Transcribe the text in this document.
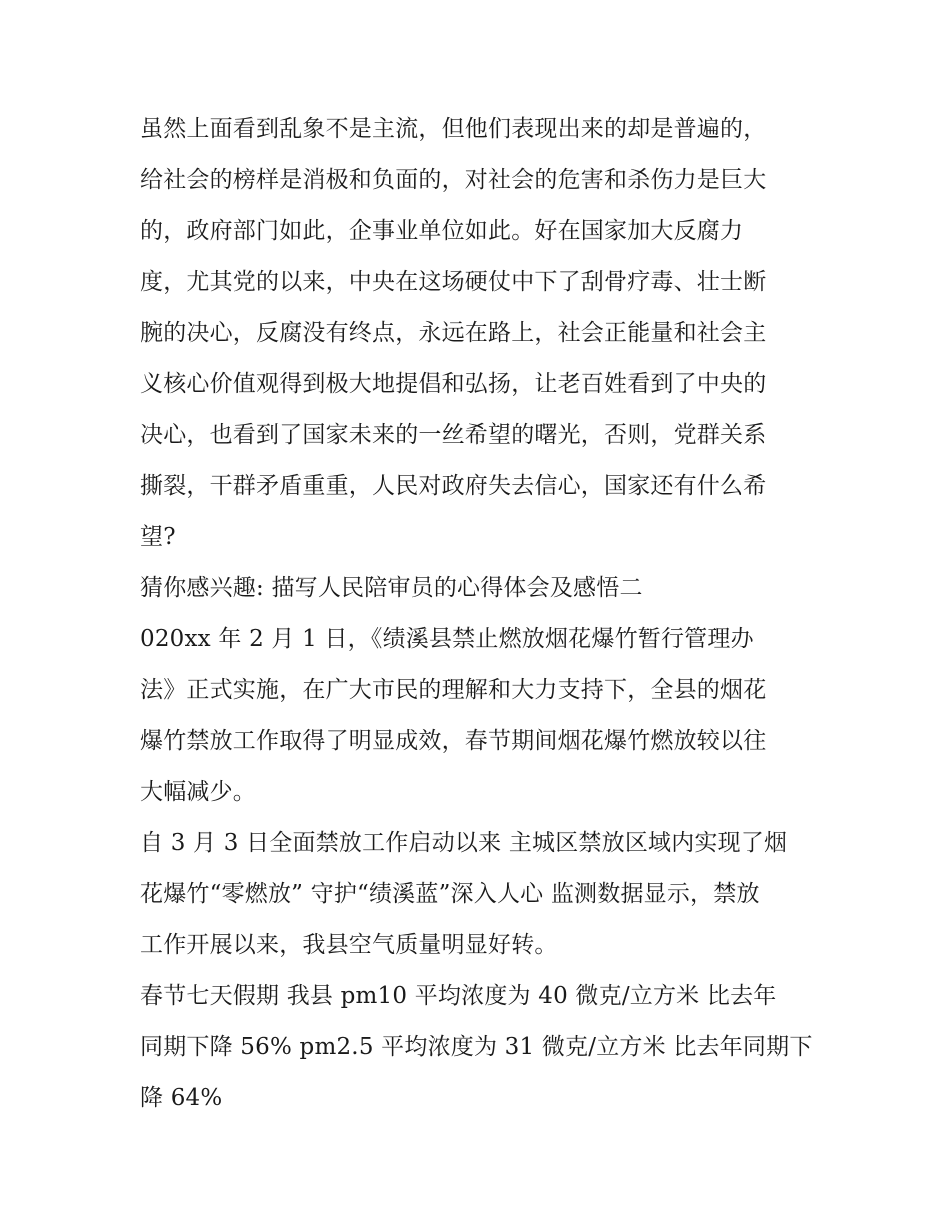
虽然上面看到乱象不是主流，但他们表现出来的却是普遍的，
给社会的榜样是消极和负面的，对社会的危害和杀伤力是巨大
的，政府部门如此，企事业单位如此。好在国家加大反腐力
度，尤其党的以来，中央在这场硬仗中下了刮骨疗毒、壮士断
腕的决心，反腐没有终点，永远在路上，社会正能量和社会主
义核心价值观得到极大地提倡和弘扬，让老百姓看到了中央的
决心，也看到了国家未来的一丝希望的曙光，否则，党群关系
撕裂，干群矛盾重重，人民对政府失去信心，国家还有什么希
望?
猜你感兴趣: 描写人民陪审员的心得体会及感悟二
020xx 年 2 月 1 日，《绩溪县禁止燃放烟花爆竹暂行管理办
法》正式实施，在广大市民的理解和大力支持下，全县的烟花
爆竹禁放工作取得了明显成效，春节期间烟花爆竹燃放较以往
大幅减少。
自 3 月 3 日全面禁放工作启动以来 主城区禁放区域内实现了烟
花爆竹“零燃放” 守护“绩溪蓝”深入人心 监测数据显示，禁放
工作开展以来，我县空气质量明显好转。
春节七天假期 我县 pm10 平均浓度为 40 微克/立方米 比去年
同期下降 56% pm2.5 平均浓度为 31 微克/立方米 比去年同期下
降 64%
